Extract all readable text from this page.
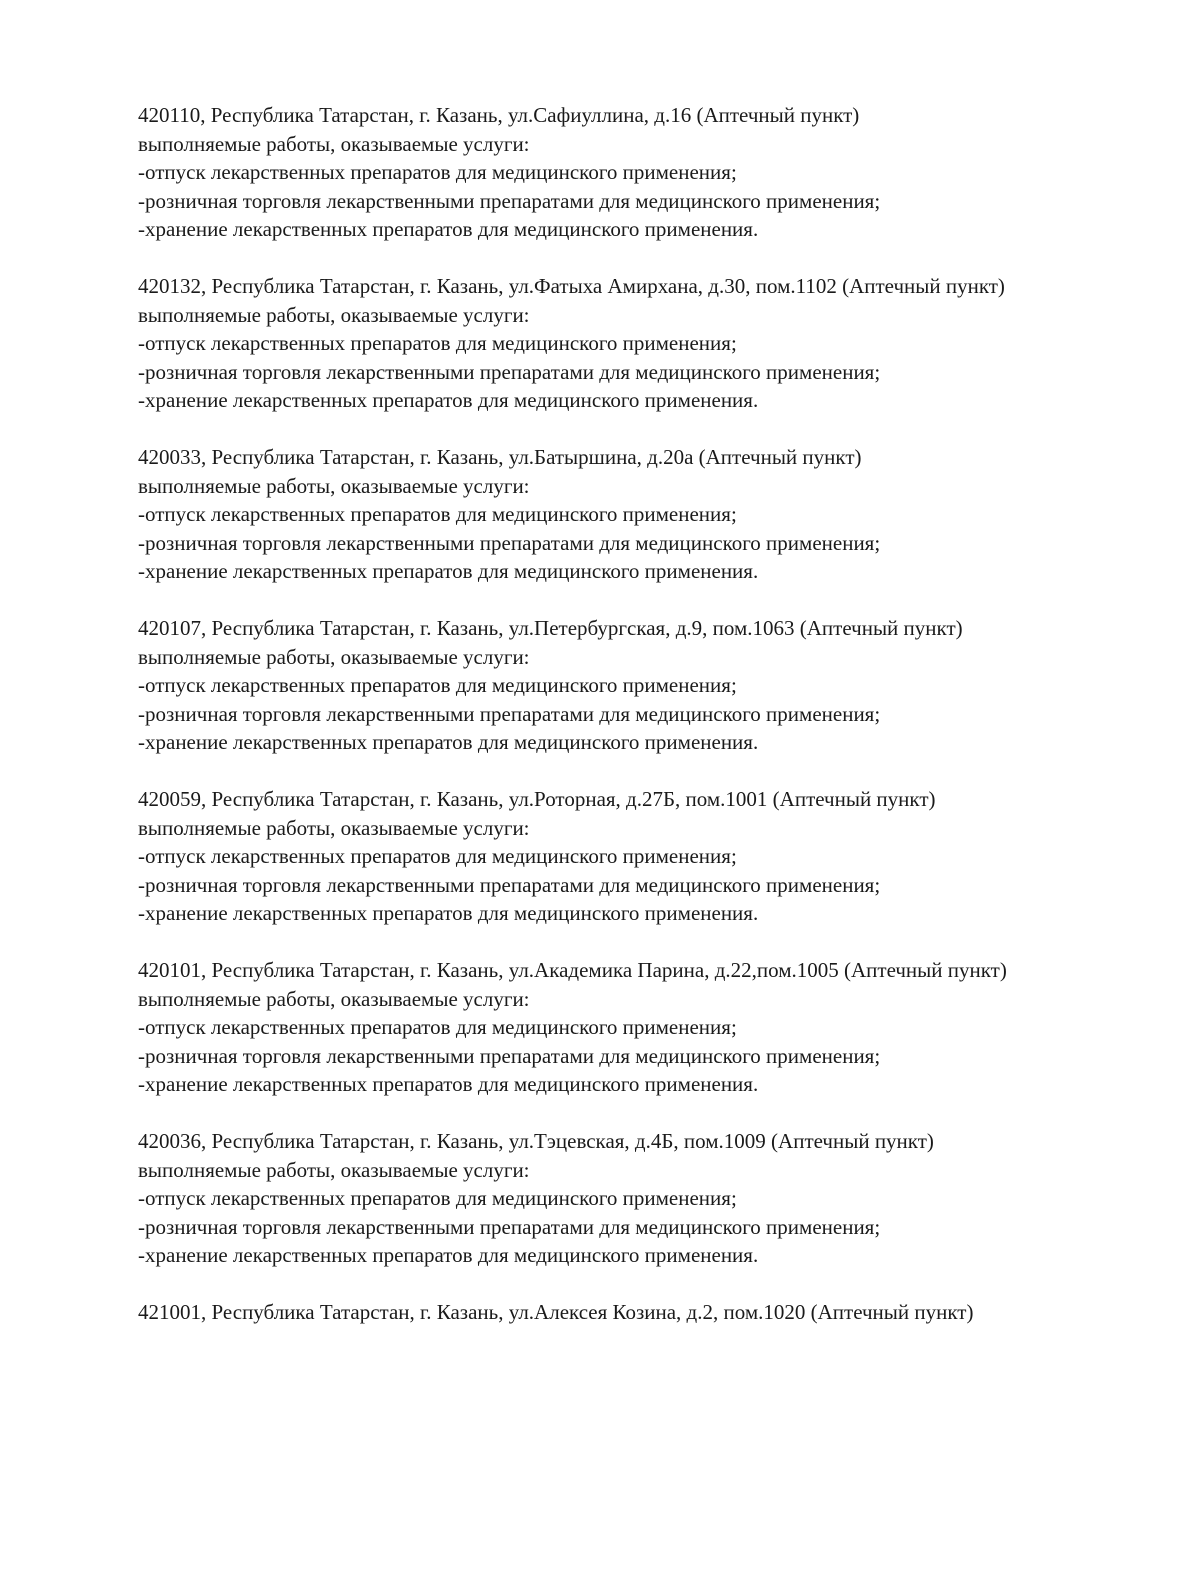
420110, Республика Татарстан, г. Казань, ул.Сафиуллина, д.16 (Аптечный пункт)
выполняемые работы, оказываемые услуги:
-отпуск лекарственных препаратов для медицинского применения;
-розничная торговля лекарственными препаратами для медицинского применения;
-хранение лекарственных препаратов для медицинского применения.
420132, Республика Татарстан, г. Казань, ул.Фатыха Амирхана, д.30, пом.1102 (Аптечный пункт)
выполняемые работы, оказываемые услуги:
-отпуск лекарственных препаратов для медицинского применения;
-розничная торговля лекарственными препаратами для медицинского применения;
-хранение лекарственных препаратов для медицинского применения.
420033, Республика Татарстан, г. Казань, ул.Батыршина, д.20а (Аптечный пункт)
выполняемые работы, оказываемые услуги:
-отпуск лекарственных препаратов для медицинского применения;
-розничная торговля лекарственными препаратами для медицинского применения;
-хранение лекарственных препаратов для медицинского применения.
420107, Республика Татарстан, г. Казань, ул.Петербургская, д.9, пом.1063 (Аптечный пункт)
выполняемые работы, оказываемые услуги:
-отпуск лекарственных препаратов для медицинского применения;
-розничная торговля лекарственными препаратами для медицинского применения;
-хранение лекарственных препаратов для медицинского применения.
420059, Республика Татарстан, г. Казань, ул.Роторная, д.27Б, пом.1001 (Аптечный пункт)
выполняемые работы, оказываемые услуги:
-отпуск лекарственных препаратов для медицинского применения;
-розничная торговля лекарственными препаратами для медицинского применения;
-хранение лекарственных препаратов для медицинского применения.
420101, Республика Татарстан, г. Казань, ул.Академика Парина, д.22,пом.1005 (Аптечный пункт)
выполняемые работы, оказываемые услуги:
-отпуск лекарственных препаратов для медицинского применения;
-розничная торговля лекарственными препаратами для медицинского применения;
-хранение лекарственных препаратов для медицинского применения.
420036, Республика Татарстан, г. Казань, ул.Тэцевская, д.4Б, пом.1009 (Аптечный пункт)
выполняемые работы, оказываемые услуги:
-отпуск лекарственных препаратов для медицинского применения;
-розничная торговля лекарственными препаратами для медицинского применения;
-хранение лекарственных препаратов для медицинского применения.
421001, Республика Татарстан, г. Казань, ул.Алексея Козина, д.2, пом.1020 (Аптечный пункт)
